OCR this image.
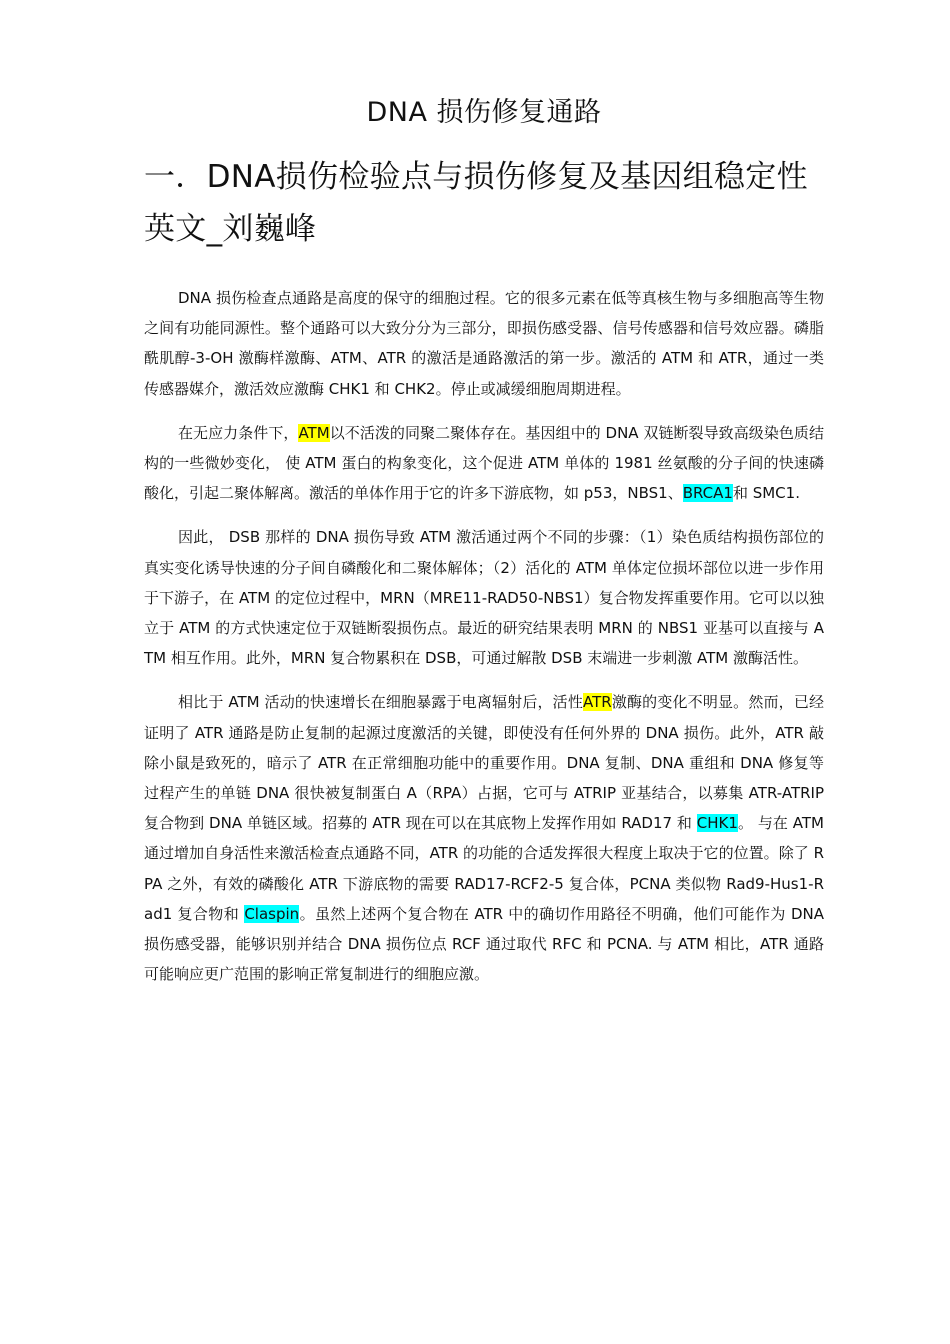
DNA 损伤修复通路
一．DNA损伤检验点与损伤修复及基因组稳定性英文_刘巍峰

DNA 损伤检查点通路是高度的保守的细胞过程。它的很多元素在低等真核生物与多细胞高等生物之间有功能同源性。整个通路可以大致分分为三部分，即损伤感受器、信号传感器和信号效应器。磷脂酰肌醇-3-OH 激酶样激酶、ATM、ATR 的激活是通路激活的第一步。激活的 ATM 和 ATR，通过一类传感器媒介，激活效应激酶 CHK1 和 CHK2。停止或减缓细胞周期进程。

在无应力条件下，ATM以不活泼的同聚二聚体存在。基因组中的 DNA 双链断裂导致高级染色质结构的一些微妙变化， 使 ATM 蛋白的构象变化，这个促进 ATM 单体的 1981 丝氨酸的分子间的快速磷酸化，引起二聚体解离。激活的单体作用于它的许多下游底物，如 p53，NBS1、BRCA1和 SMC1.

因此， DSB 那样的 DNA 损伤导致 ATM 激活通过两个不同的步骤：（1）染色质结构损伤部位的真实变化诱导快速的分子间自磷酸化和二聚体解体；（2）活化的 ATM 单体定位损坏部位以进一步作用于下游子，在 ATM 的定位过程中，MRN（MRE11-RAD50-NBS1）复合物发挥重要作用。它可以以独立于 ATM 的方式快速定位于双链断裂损伤点。最近的研究结果表明 MRN 的 NBS1 亚基可以直接与 ATM 相互作用。此外，MRN 复合物累积在 DSB，可通过解散 DSB 末端进一步刺激 ATM 激酶活性。

相比于 ATM 活动的快速增长在细胞暴露于电离辐射后，活性ATR激酶的变化不明显。然而，已经证明了 ATR 通路是防止复制的起源过度激活的关键，即使没有任何外界的 DNA 损伤。此外，ATR 敲除小鼠是致死的，暗示了 ATR 在正常细胞功能中的重要作用。DNA 复制、DNA 重组和 DNA 修复等过程产生的单链 DNA 很快被复制蛋白 A（RPA）占据，它可与 ATRIP 亚基结合，以募集 ATR-ATRIP 复合物到 DNA 单链区域。招募的 ATR 现在可以在其底物上发挥作用如 RAD17 和 CHK1。 与在 ATM 通过增加自身活性来激活检查点通路不同，ATR 的功能的合适发挥很大程度上取决于它的位置。除了 RPA 之外，有效的磷酸化 ATR 下游底物的需要 RAD17-RCF2-5 复合体，PCNA 类似物 Rad9-Hus1-Rad1 复合物和 Claspin。虽然上述两个复合物在 ATR 中的确切作用路径不明确，他们可能作为 DNA 损伤感受器，能够识别并结合 DNA 损伤位点 RCF 通过取代 RFC 和 PCNA. 与 ATM 相比，ATR 通路可能响应更广范围的影响正常复制进行的细胞应激。
